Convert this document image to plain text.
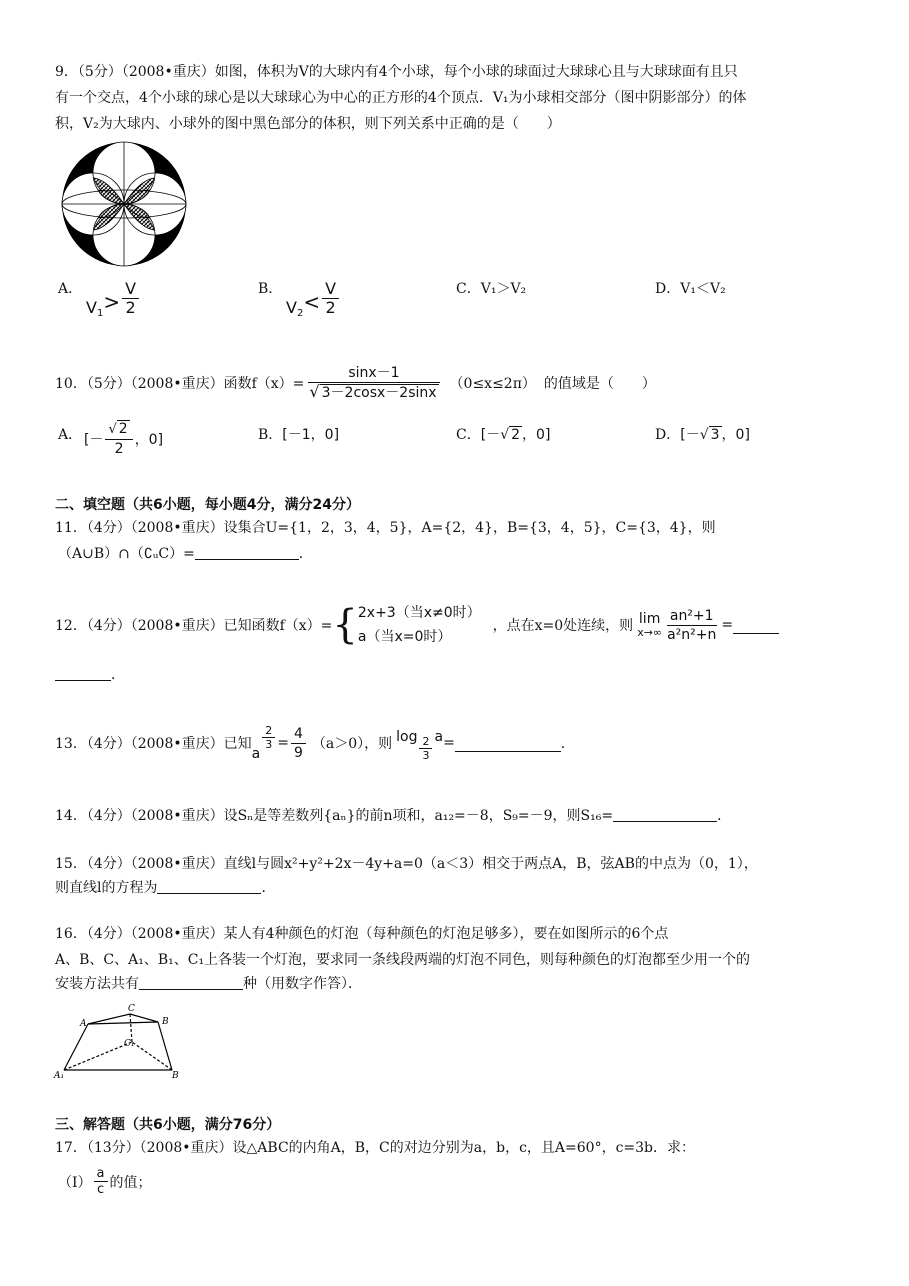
9．（5分）（2008•重庆）如图，体积为V的大球内有4个小球，每个小球的球面过大球球心且与大球球面有且只
有一个交点，4个小球的球心是以大球球心为中心的正方形的4个顶点．V₁为小球相交部分（图中阴影部分）的体
积，V₂为大球内、小球外的图中黑色部分的体积，则下列关系中正确的是（　　）
A．
$V_1> \frac{V}{2}$	B．
$V_2< \frac{V}{2}$	C．V₁＞V₂	D．V₁＜V₂
10．（5分）（2008•重庆）函数$f(x)= \frac{\sin x-1}{√ 3-2\cos x-2\sin x} (0\le x\le 2\pi)$ 的值域是（　　）
A． [－ $\frac{√ 2}{2}$ ，0]	B．[－1，0]	C．[－√ 2 ，0]	D．[－√ 3 ，0]
二、填空题（共6小题，每小题4分，满分24分）
11．（4分）（2008•重庆）设集合U={1，2，3，4，5}，A={2，4}，B={3，4，5}，C={3，4}，则
（A∪B）∩（∁ᵤC）=	．
12．（4分）（2008•重庆）已知函数f（x）= { 2x+3（当x≠0时）
a（当x=0时）
，点在x=0处连续，则 lim
$x\to\infty \frac{\text{an²+1}}{\text{a²n²+n}}$ =
．
13．（4分）（2008•重庆）已知
a
$\frac{2}{3} = \frac{4}{9} (a>0)$，则 $\log \frac{2}{3}$ a =	．
14．（4分）（2008•重庆）设Sₙ是等差数列{aₙ}的前n项和，a₁₂=－8，S₉=－9，则S₁₆=	．
15．（4分）（2008•重庆）直线l与圆x²+y²+2x－4y+a=0（a＜3）相交于两点A，B，弦AB的中点为（0，1），
则直线l的方程为	．
16．（4分）（2008•重庆）某人有4种颜色的灯泡（每种颜色的灯泡足够多），要在如图所示的6个点
A、B、C、A₁、B₁、C₁上各装一个灯泡，要求同一条线段两端的灯泡不同色，则每种颜色的灯泡都至少用一个的
安装方法共有	种（用数字作答）．
A	B
C
A₁	B
C₁
三、解答题（共6小题，满分76分）
17．（13分）（2008•重庆）设△ABC的内角A，B，C的对边分别为a，b，c，且A=60°，c=3b．求：
$(I) \frac{a}{c}$ 的值；
